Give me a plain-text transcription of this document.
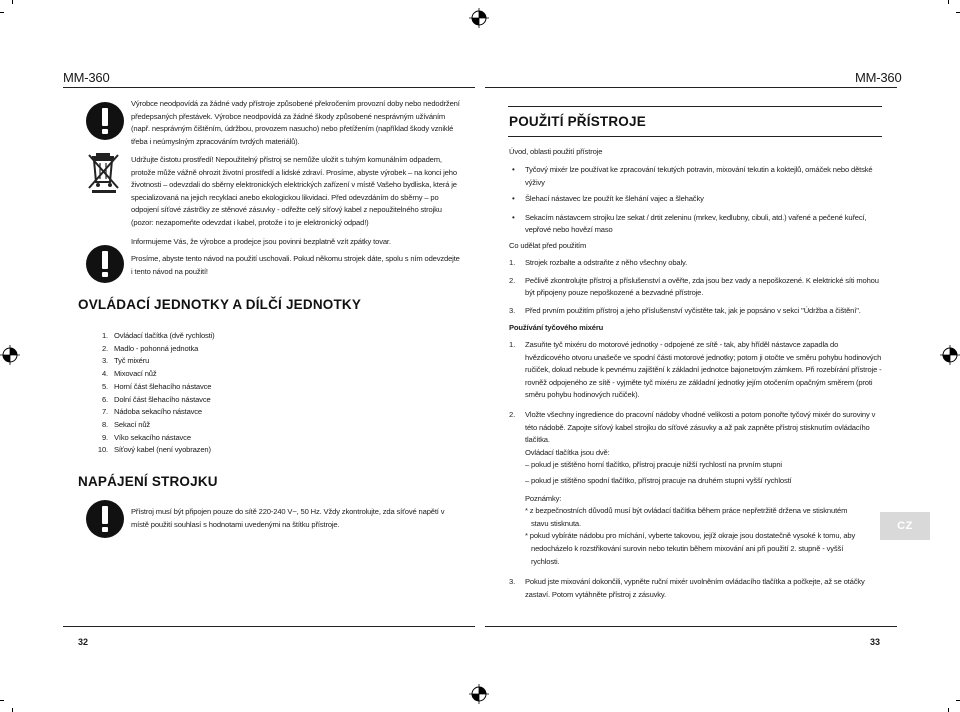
MM-360
Výrobce neodpovídá za žádné vady přístroje způsobené překročením provozní doby nebo nedodržení předepsaných přestávek. Výrobce neodpovídá za žádné škody způsobené nesprávným užíváním (např. nesprávným čištěním, údržbou, provozem nasucho) nebo přetížením (například škody vzniklé třeba i neúmyslným zpracováním tvrdých materiálů).
Udržujte čistotu prostředí! Nepoužitelný přístroj se nemůže uložit s tuhým komunálním odpadem, protože může vážně ohrozit životní prostředí a lidské zdraví. Prosíme, abyste výrobek – na konci jeho životnosti – odevzdali do sběrny elektronických elektrických zařízení v místě Vašeho bydliska, která je specializovaná na jejich recyklaci anebo ekologickou likvidaci. Před odevzdáním do sběrny – po odpojení síťové zástrčky ze stěnové zásuvky - odřežte celý síťový kabel z nepoužitelného strojku (pozor: nezapomeňte odevzdat i kabel, protože i to je elektronický odpad!)
Informujeme Vás, že výrobce a prodejce jsou povinni bezplatně vzít zpátky tovar.
Prosíme, abyste tento návod na použití uschovali. Pokud někomu strojek dáte, spolu s ním odevzdejte i tento návod na použití!
OVLÁDACÍ JEDNOTKY A DÍLČÍ JEDNOTKY
1. Ovládací tlačítka (dvě rychlosti)
2. Madlo - pohonná jednotka
3. Tyč mixéru
4. Mixovací nůž
5. Horní část šlehacího nástavce
6. Dolní část šlehacího nástavce
7. Nádoba sekacího nástavce
8. Sekací nůž
9. Víko sekacího nástavce
10. Síťový kabel (není vyobrazen)
NAPÁJENÍ STROJKU
Přístroj musí být připojen pouze do sítě 220-240 V~, 50 Hz. Vždy zkontrolujte, zda síťové napětí v místě použití souhlasí s hodnotami uvedenými na štítku přístroje.
32
MM-360
POUŽITÍ PŘÍSTROJE
Úvod, oblasti použití přístroje
• Tyčový mixér lze používat ke zpracování tekutých potravin, mixování tekutin a koktejlů, omáček nebo dětské výživy
• Šlehací nástavec lze použít ke šlehání vajec a šlehačky
• Sekacím nástavcem strojku lze sekat / drtit zeleninu (mrkev, kedlubny, cibuli, atd.) vařené a pečené kuřecí, vepřové nebo hovězí maso
Co udělat před použitím
1. Strojek rozbalte a odstraňte z něho všechny obaly.
2. Pečlivě zkontrolujte přístroj a příslušenství a ověřte, zda jsou bez vady a nepoškozené. K elektrické síti mohou být připojeny pouze nepoškozené a bezvadné přístroje.
3. Před prvním použitím přístroj a jeho příslušenství vyčistěte tak, jak je popsáno v sekci "Údržba a čištění".
Používání tyčového mixéru
1. Zasuňte tyč mixéru do motorové jednotky - odpojené ze sítě - tak, aby hříděl nástavce zapadla do hvězdicového otvoru unašeče ve spodní části motorové jednotky; potom ji otočte ve směru pohybu hodinových ručiček, dokud nebude k pevnému zajištění k základní jednotce bajonetovým zámkem. Při rozebírání přístroje - rovněž odpojeného ze sítě - vyjměte tyč mixéru ze základní jednotky jejím otočením opačným směrem (proti směru pohybu hodinových ručiček).
2. Vložte všechny ingredience do pracovní nádoby vhodné velikosti a potom ponořte tyčový mixér do suroviny v této nádobě. Zapojte síťový kabel strojku do síťové zásuvky a až pak zapněte přístroj stisknutím ovládacího tlačítka.
Ovládací tlačítka jsou dvě:
– pokud je stištěno horní tlačítko, přístroj pracuje nižší rychlostí na prvním stupni
– pokud je stištěno spodní tlačítko, přístroj pracuje na druhém stupni vyšší rychlostí
Poznámky:
* z bezpečnostních důvodů musí být ovládací tlačítka během práce nepřetržitě držena ve stisknutém stavu stisknuta.
* pokud vybíráte nádobu pro míchání, vyberte takovou, jejíž okraje jsou dostatečně vysoké k tomu, aby nedocházelo k rozstřikování surovin nebo tekutin během mixování ani při použití 2. stupně - vyšší rychlosti.
3. Pokud jste mixování dokončili, vypněte ruční mixér uvolněním ovládacího tlačítka a počkejte, až se otáčky zastaví. Potom vytáhněte přístroj z zásuvky.
CZ
33
